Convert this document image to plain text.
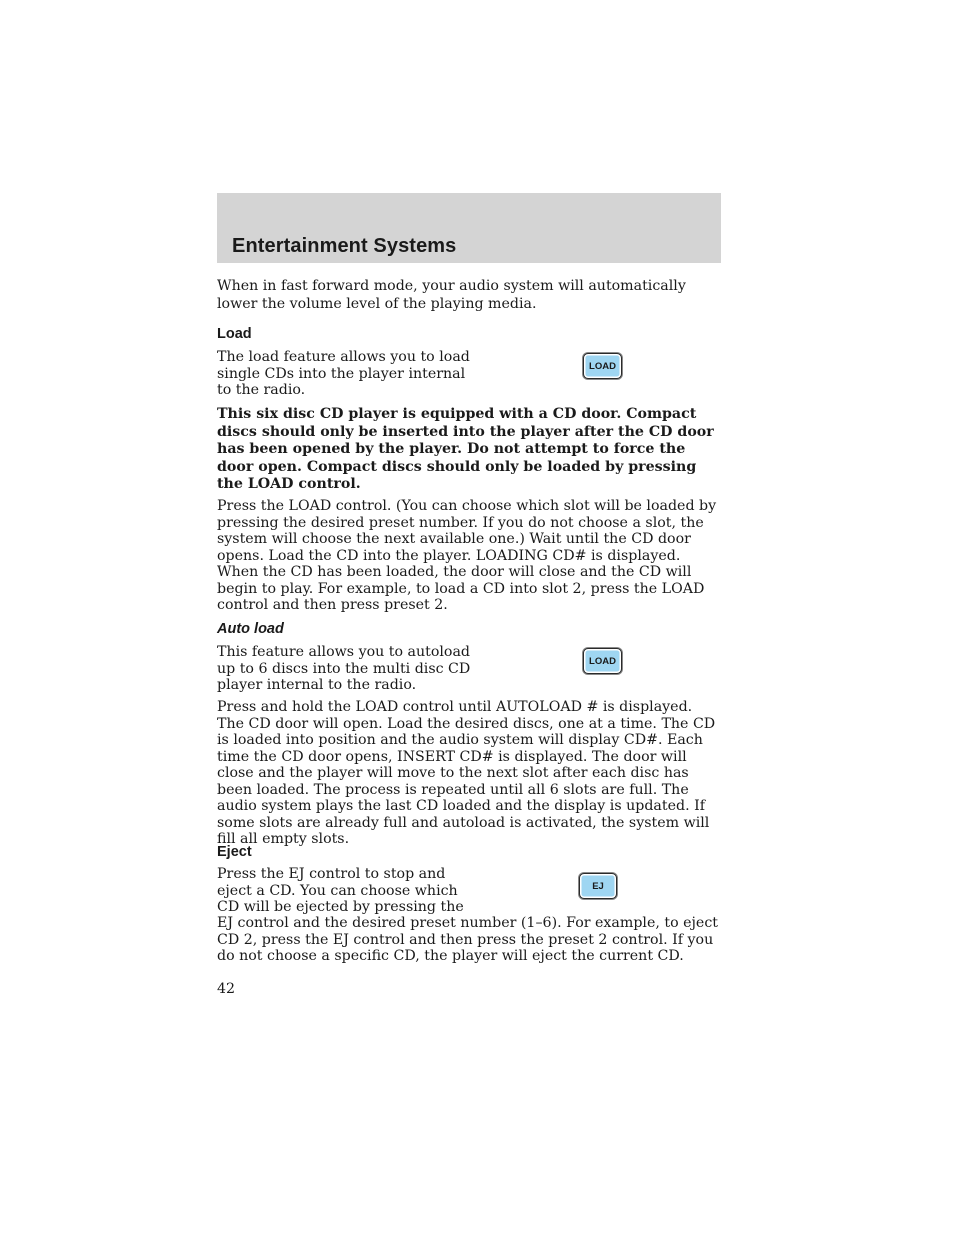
Entertainment Systems

When in fast forward mode, your audio system will automatically lower the volume level of the playing media.

Load

The load feature allows you to load

single CDs into the player internal

to the radio.

LOAD

This six disc CD player is equipped with a CD door. Compact discs should only be inserted into the player after the CD door has been opened by the player. Do not attempt to force the door open. Compact discs should only be loaded by pressing the LOAD control.

Press the LOAD control. (You can choose which slot will be loaded by pressing the desired preset number. If you do not choose a slot, the system will choose the next available one.) Wait until the CD door opens. Load the CD into the player. LOADING CD# is displayed. When the CD has been loaded, the door will close and the CD will begin to play. For example, to load a CD into slot 2, press the LOAD control and then press preset 2.

Auto load

This feature allows you to autoload

up to 6 discs into the multi disc CD

player internal to the radio.

LOAD

Press and hold the LOAD control until AUTOLOAD # is displayed. The CD door will open. Load the desired discs, one at a time. The CD is loaded into position and the audio system will display CD#. Each time the CD door opens, INSERT CD# is displayed. The door will close and the player will move to the next slot after each disc has been loaded. The process is repeated until all 6 slots are full. The audio system plays the last CD loaded and the display is updated. If some slots are already full and autoload is activated, the system will fill all empty slots.

Eject

Press the EJ control to stop and

eject a CD. You can choose which

CD will be ejected by pressing the

EJ

EJ control and the desired preset number (1–6). For example, to eject CD 2, press the EJ control and then press the preset 2 control. If you do not choose a specific CD, the player will eject the current CD.

42
